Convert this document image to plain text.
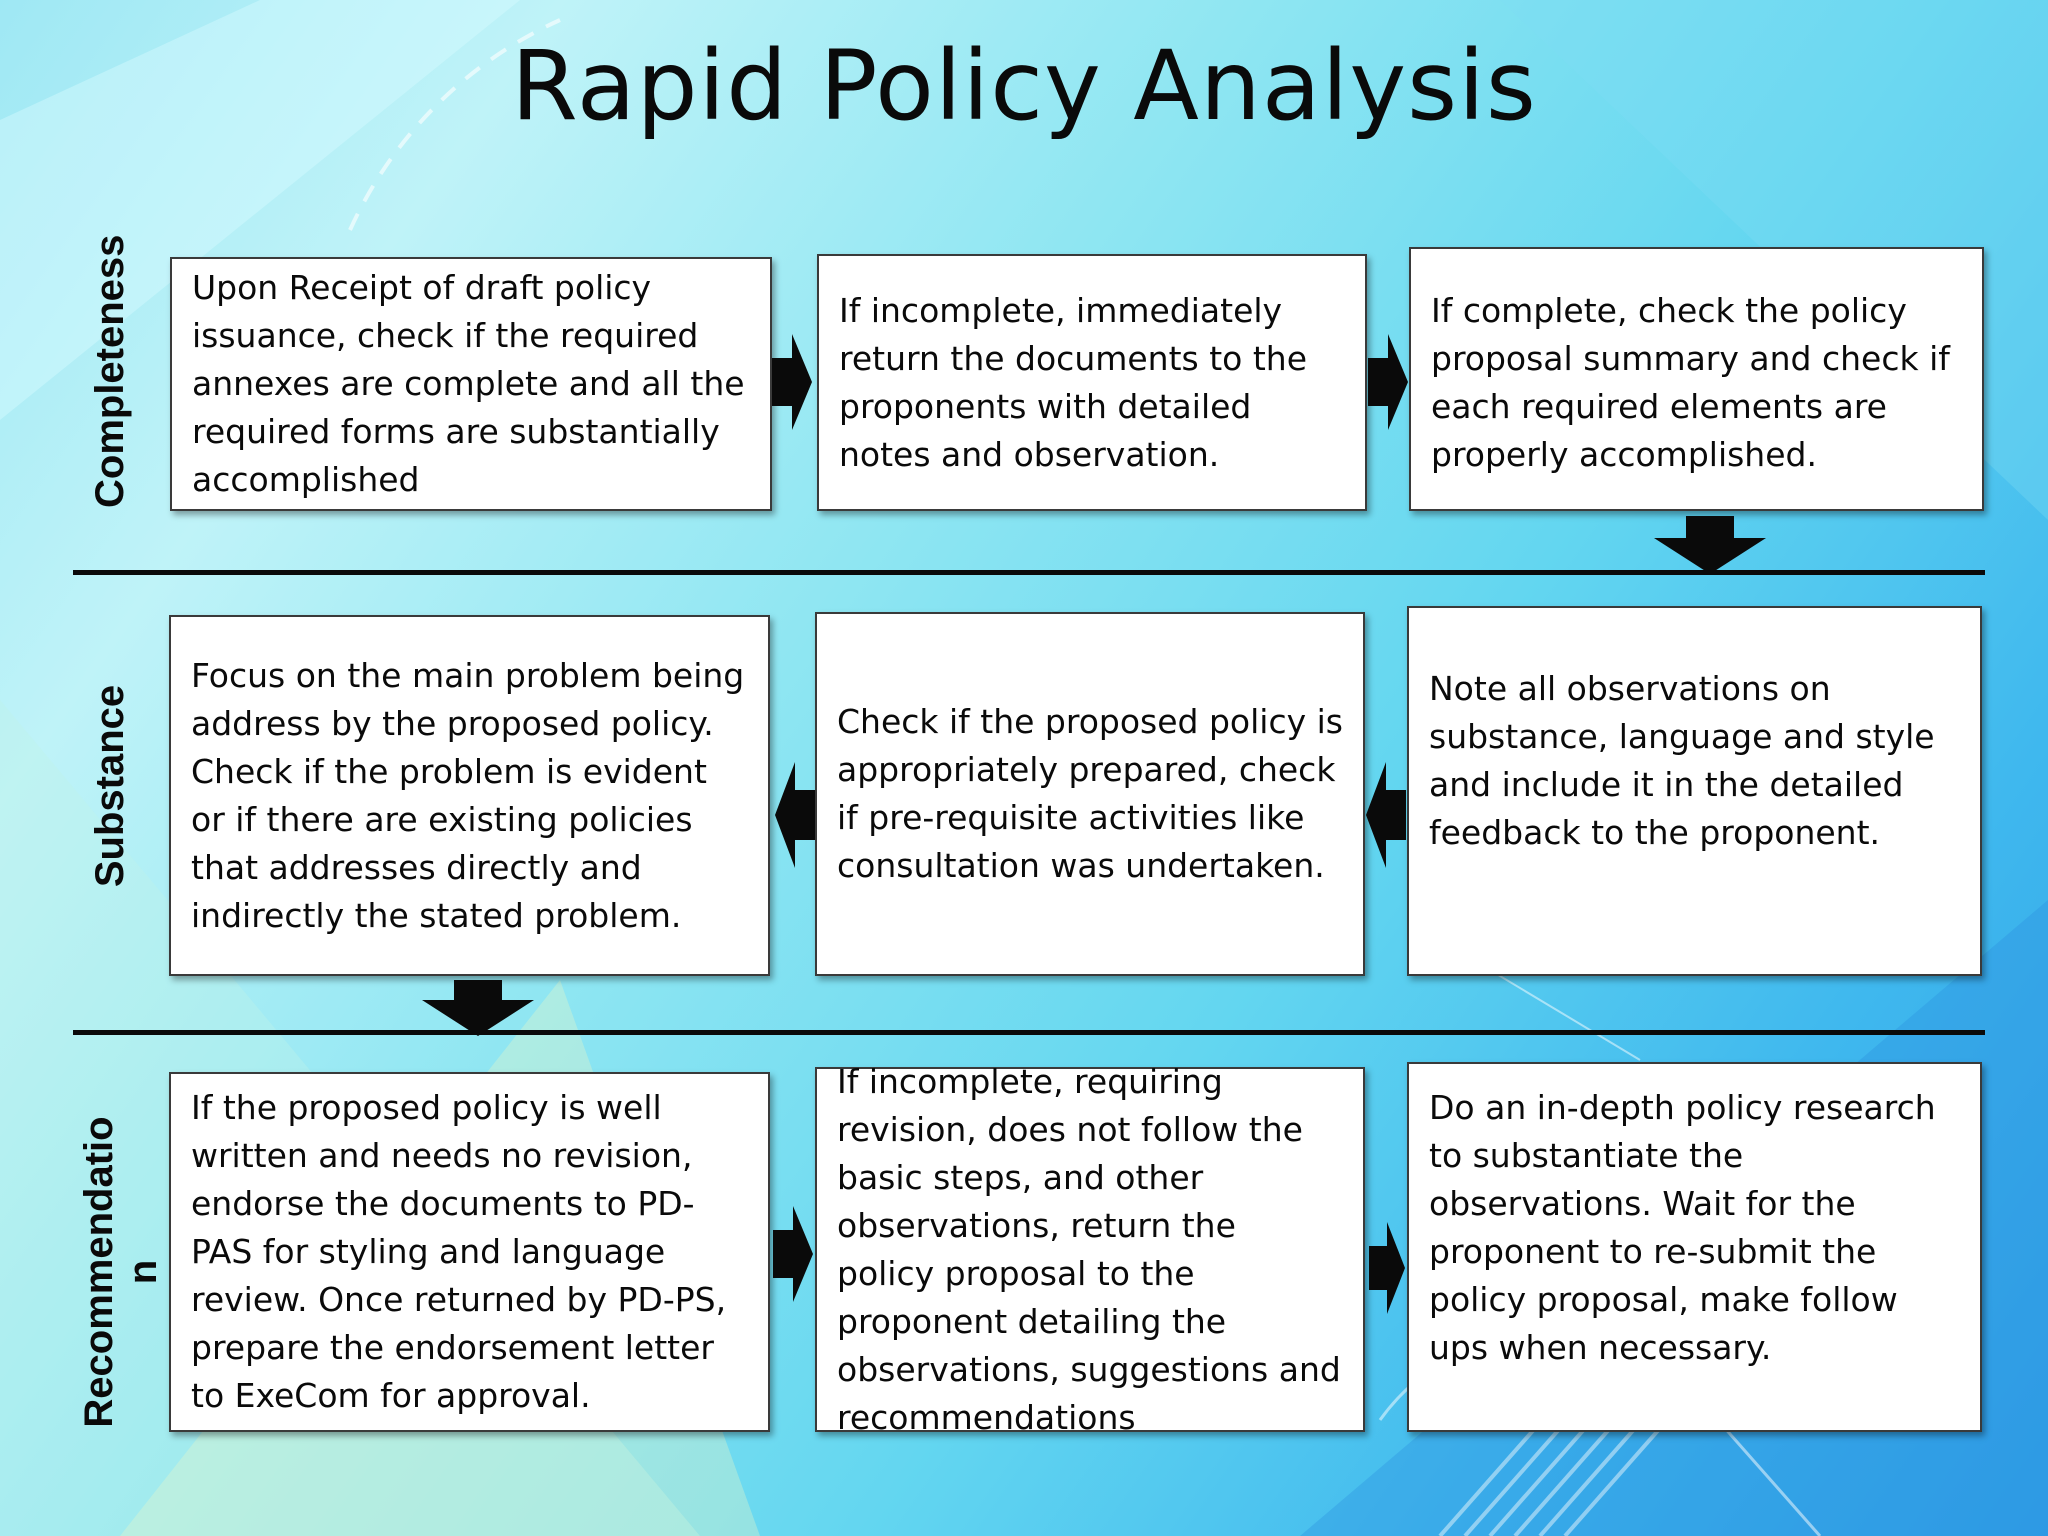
Rapid Policy Analysis
Completeness
Substance
Recommendation
Upon Receipt of draft policy issuance, check if the required annexes are complete and all the required forms are substantially accomplished
If incomplete, immediately return the documents to the proponents with detailed notes and observation.
If complete, check the policy proposal summary and check if each required elements are properly accomplished.
Focus on the main problem being address by the proposed policy. Check if the problem is evident or if there are existing policies that addresses directly and indirectly the stated problem.
Check if the proposed policy is appropriately prepared, check if pre-requisite activities like consultation was undertaken.
Note all observations on substance, language and style and include it in the detailed feedback to the proponent.
If the proposed policy is well written and needs no revision, endorse the documents to PD-PAS for styling and language review. Once returned by PD-PS, prepare the endorsement letter to ExeCom for approval.
If incomplete, requiring revision, does not follow the basic steps, and other observations, return the policy proposal to the proponent detailing the observations, suggestions and recommendations
Do an in-depth policy research to substantiate the observations. Wait for the proponent to re-submit the policy proposal, make follow ups when necessary.
